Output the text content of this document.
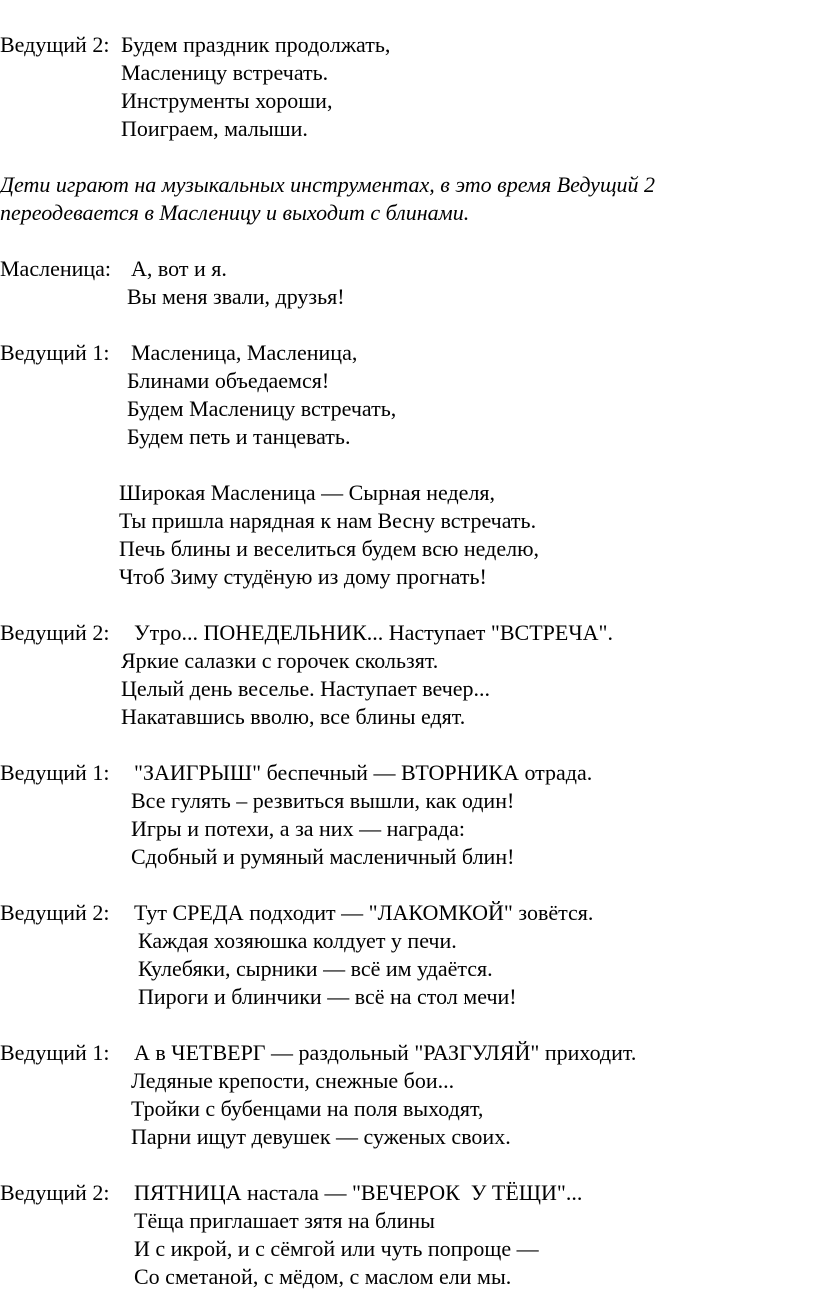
Ведущий 2: Будем праздник продолжать,
Масленицу встречать.
Инструменты хороши,
Поиграем, малыши.
Дети играют на музыкальных инструментах, в это время Ведущий 2
переодевается в Масленицу и выходит с блинами.
Масленица: А, вот и я.
Вы меня звали, друзья!
Ведущий 1: Масленица, Масленица,
Блинами объедаемся!
Будем Масленицу встречать,
Будем петь и танцевать.
Широкая Масленица — Сырная неделя,
Ты пришла нарядная к нам Весну встречать.
Печь блины и веселиться будем всю неделю,
Чтоб Зиму студёную из дому прогнать!
Ведущий 2: Утро... ПОНЕДЕЛЬНИК... Наступает "ВСТРЕЧА".
Яркие салазки с горочек скользят.
Целый день веселье. Наступает вечер...
Накатавшись вволю, все блины едят.
Ведущий 1: "ЗАИГРЫШ" беспечный — ВТОРНИКА отрада.
Все гулять – резвиться вышли, как один!
Игры и потехи, а за них — награда:
Сдобный и румяный масленичный блин!
Ведущий 2: Тут СРЕДА подходит — "ЛАКОМКОЙ" зовётся.
Каждая хозяюшка колдует у печи.
Кулебяки, сырники — всё им удаётся.
Пироги и блинчики — всё на стол мечи!
Ведущий 1: А в ЧЕТВЕРГ — раздольный "РАЗГУЛЯЙ" приходит.
Ледяные крепости, снежные бои...
Тройки с бубенцами на поля выходят,
Парни ищут девушек — суженых своих.
Ведущий 2: ПЯТНИЦА настала — "ВЕЧЕРОК  У ТЁЩИ"...
Тёща приглашает зятя на блины
И с икрой, и с сёмгой или чуть попроще —
Со сметаной, с мёдом, с маслом ели мы.
